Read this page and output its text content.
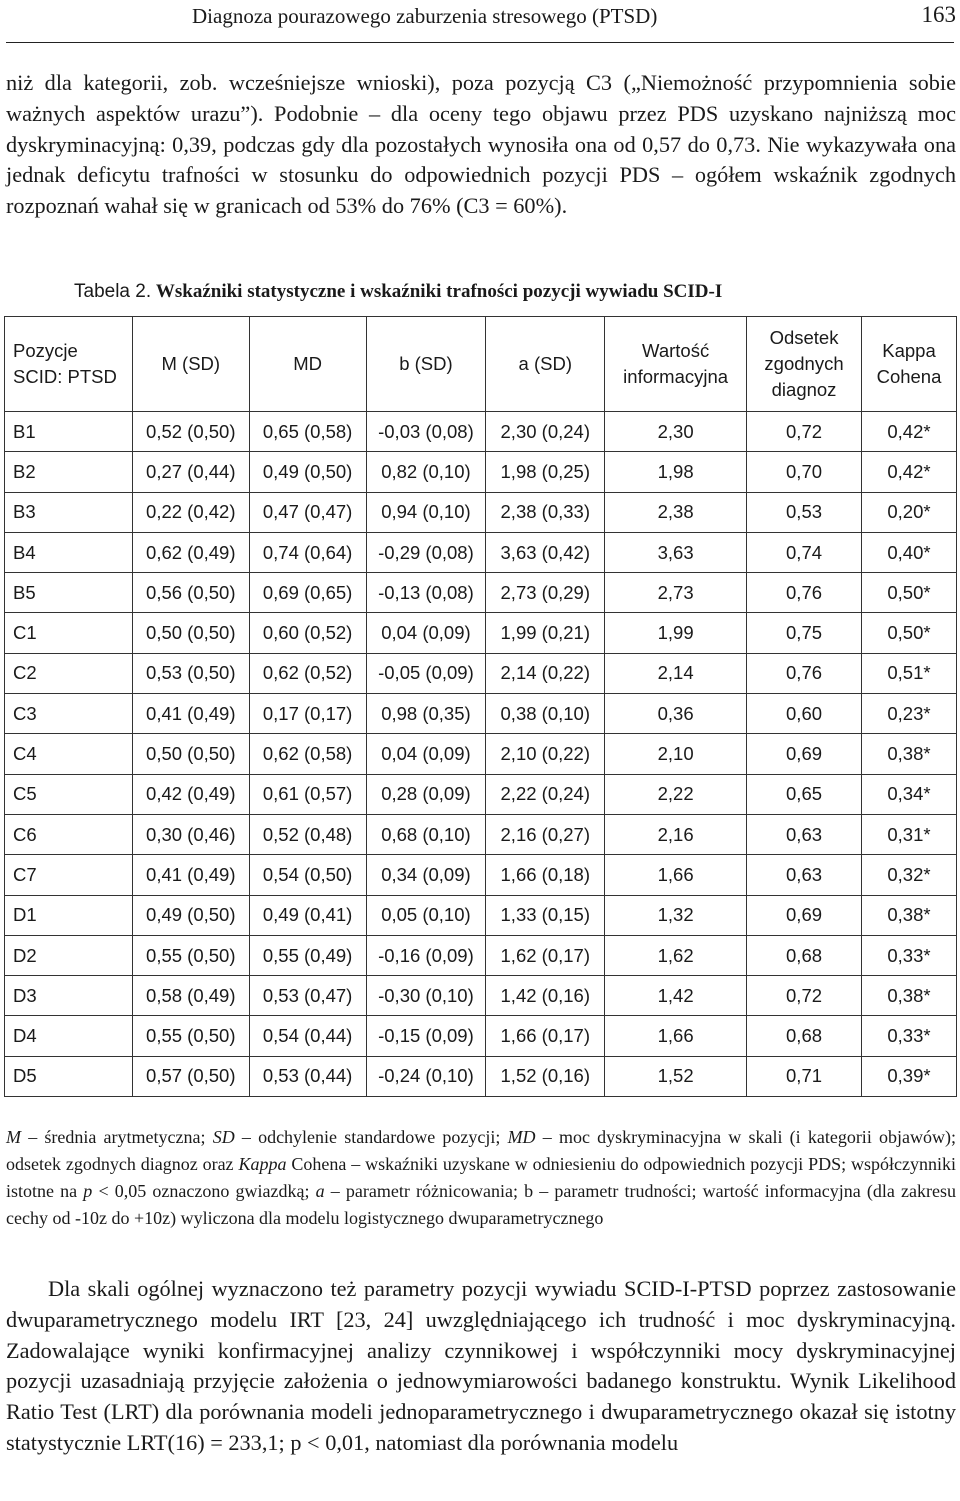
Diagnoza pourazowego zaburzenia stresowego (PTSD)	163

niż dla kategorii, zob. wcześniejsze wnioski), poza pozycją C3 („Niemożność przypomnienia sobie ważnych aspektów urazu”). Podobnie – dla oceny tego objawu przez PDS uzyskano najniższą moc dyskryminacyjną: 0,39, podczas gdy dla pozostałych wynosiła ona od 0,57 do 0,73. Nie wykazywała ona jednak deficytu trafności w stosunku do odpowiednich pozycji PDS – ogółem wskaźnik zgodnych rozpoznań wahał się w granicach od 53% do 76% (C3 = 60%).

Tabela 2. Wskaźniki statystyczne i wskaźniki trafności pozycji wywiadu SCID-I
Pozycje SCID: PTSD	M (SD)	MD	b (SD)	a (SD)	Wartość informacyjna	Odsetek zgodnych diagnoz	Kappa Cohena
B1	0,52 (0,50)	0,65 (0,58)	-0,03 (0,08)	2,30 (0,24)	2,30	0,72	0,42*
B2	0,27 (0,44)	0,49 (0,50)	0,82 (0,10)	1,98 (0,25)	1,98	0,70	0,42*
B3	0,22 (0,42)	0,47 (0,47)	0,94 (0,10)	2,38 (0,33)	2,38	0,53	0,20*
B4	0,62 (0,49)	0,74 (0,64)	-0,29 (0,08)	3,63 (0,42)	3,63	0,74	0,40*
B5	0,56 (0,50)	0,69 (0,65)	-0,13 (0,08)	2,73 (0,29)	2,73	0,76	0,50*
C1	0,50 (0,50)	0,60 (0,52)	0,04 (0,09)	1,99 (0,21)	1,99	0,75	0,50*
C2	0,53 (0,50)	0,62 (0,52)	-0,05 (0,09)	2,14 (0,22)	2,14	0,76	0,51*
C3	0,41 (0,49)	0,17 (0,17)	0,98 (0,35)	0,38 (0,10)	0,36	0,60	0,23*
C4	0,50 (0,50)	0,62 (0,58)	0,04 (0,09)	2,10 (0,22)	2,10	0,69	0,38*
C5	0,42 (0,49)	0,61 (0,57)	0,28 (0,09)	2,22 (0,24)	2,22	0,65	0,34*
C6	0,30 (0,46)	0,52 (0,48)	0,68 (0,10)	2,16 (0,27)	2,16	0,63	0,31*
C7	0,41 (0,49)	0,54 (0,50)	0,34 (0,09)	1,66 (0,18)	1,66	0,63	0,32*
D1	0,49 (0,50)	0,49 (0,41)	0,05 (0,10)	1,33 (0,15)	1,32	0,69	0,38*
D2	0,55 (0,50)	0,55 (0,49)	-0,16 (0,09)	1,62 (0,17)	1,62	0,68	0,33*
D3	0,58 (0,49)	0,53 (0,47)	-0,30 (0,10)	1,42 (0,16)	1,42	0,72	0,38*
D4	0,55 (0,50)	0,54 (0,44)	-0,15 (0,09)	1,66 (0,17)	1,66	0,68	0,33*
D5	0,57 (0,50)	0,53 (0,44)	-0,24 (0,10)	1,52 (0,16)	1,52	0,71	0,39*

M – średnia arytmetyczna; SD – odchylenie standardowe pozycji; MD – moc dyskryminacyjna w skali (i kategorii objawów); odsetek zgodnych diagnoz oraz Kappa Cohena – wskaźniki uzyskane w odniesieniu do odpowiednich pozycji PDS; współczynniki istotne na p < 0,05 oznaczono gwiazdką; a – parametr różnicowania; b – parametr trudności; wartość informacyjna (dla zakresu cechy od -10z do +10z) wyliczona dla modelu logistycznego dwuparametrycznego

Dla skali ogólnej wyznaczono też parametry pozycji wywiadu SCID-I-PTSD poprzez zastosowanie dwuparametrycznego modelu IRT [23, 24] uwzględniającego ich trudność i moc dyskryminacyjną. Zadowalające wyniki konfirmacyjnej analizy czynnikowej i współczynniki mocy dyskryminacyjnej pozycji uzasadniają przyjęcie założenia o jednowymiarowości badanego konstruktu. Wynik Likelihood Ratio Test (LRT) dla porównania modeli jednoparametrycznego i dwuparametrycznego okazał się istotny statystycznie LRT(16) = 233,1; p < 0,01, natomiast dla porównania modelu
